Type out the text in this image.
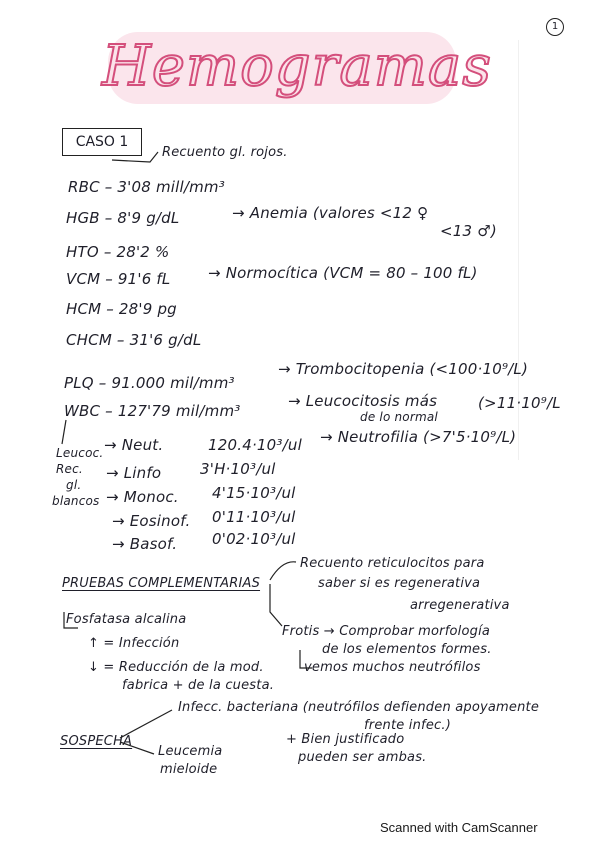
1
Hemogramas
CASO 1
Recuento gl. rojos.
RBC – 3'08 mill/mm³
HGB – 8'9 g/dL	→ Anemia (valores <12 ♀
<13 ♂)
HTO – 28'2 %
VCM – 91'6 fL	→ Normocítica (VCM = 80 – 100 fL)
HCM – 28'9 pg
CHCM – 31'6 g/dL
PLQ – 91.000 mil/mm³
→ Trombocitopenia (<100·10⁹/L)
WBC – 127'79 mil/mm³
→ Leucocitosis más
de lo normal
(>11·10⁹/L
Leucoc.
Rec.
gl.
blancos
→ Neut.	120.4·10³/ul → Neutrofilia (>7'5·10⁹/L)
→ Linfo	3'H·10³/ul
→ Monoc. 4'15·10³/ul
→ Eosinof. 0'11·10³/ul
→ Basof. 0'02·10³/ul
PRUEBAS COMPLEMENTARIAS
Recuento reticulocitos para
saber si es regenerativa
arregenerativa
Frotis → Comprobar morfología
de los elementos formes.
vemos muchos neutrófilos
Fosfatasa alcalina
↑ = Infección
↓ = Reducción de la mod.
fabrica + de la cuesta.
SOSPECHA
Infecc. bacteriana (neutrófilos defienden apoyamente
frente infec.)
Leucemia
mieloide
+ Bien justificado
pueden ser ambas.
Scanned with CamScanner
